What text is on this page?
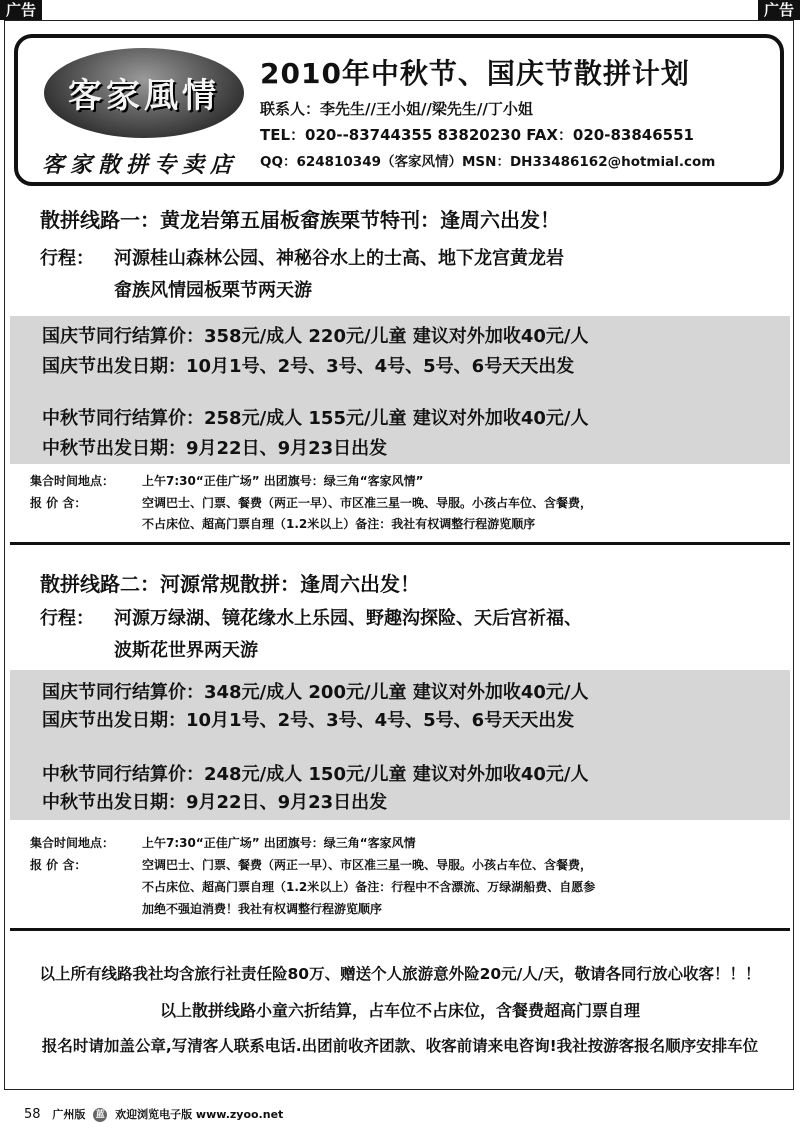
广告	广告
客家風情
客家散拼专卖店
2010年中秋节、国庆节散拼计划
联系人：李先生//王小姐//梁先生//丁小姐
TEL：020--83744355 83820230 FAX：020-83846551
QQ：624810349（客家风情）MSN：DH33486162@hotmial.com
散拼线路一：黄龙岩第五届板畲族栗节特刊：逢周六出发！
行程： 河源桂山森林公园、神秘谷水上的士高、地下龙宫黄龙岩
畲族风情园板栗节两天游
国庆节同行结算价：358元/成人 220元/儿童 建议对外加收40元/人
国庆节出发日期：10月1号、2号、3号、4号、5号、6号天天出发
中秋节同行结算价：258元/成人 155元/儿童 建议对外加收40元/人
中秋节出发日期：9月22日、9月23日出发
集合时间地点： 上午7:30“正佳广场” 出团旗号：绿三角“客家风情”
报 价 含：	空调巴士、门票、餐费（两正一早）、市区准三星一晚、导服。小孩占车位、含餐费，
不占床位、超高门票自理（1.2米以上）备注：我社有权调整行程游览顺序
散拼线路二：河源常规散拼：逢周六出发！
行程： 河源万绿湖、镜花缘水上乐园、野趣沟探险、天后宫祈福、
波斯花世界两天游
国庆节同行结算价：348元/成人 200元/儿童 建议对外加收40元/人
国庆节出发日期：10月1号、2号、3号、4号、5号、6号天天出发
中秋节同行结算价：248元/成人 150元/儿童 建议对外加收40元/人
中秋节出发日期：9月22日、9月23日出发
集合时间地点： 上午7:30“正佳广场” 出团旗号：绿三角“客家风情
报 价 含：	空调巴士、门票、餐费（两正一早）、市区准三星一晚、导服。小孩占车位、含餐费，
不占床位、超高门票自理（1.2米以上）备注：行程中不含漂流、万绿湖船费、自愿参
加绝不强迫消费！我社有权调整行程游览顺序
以上所有线路我社均含旅行社责任险80万、赠送个人旅游意外险20元/人/天，敬请各同行放心收客！！！
以上散拼线路小童六折结算，占车位不占床位，含餐费超高门票自理
报名时请加盖公章,写清客人联系电话.出团前收齐团款、收客前请来电咨询!我社按游客报名顺序安排车位
58 广州版 蓝 欢迎浏览电子版 www.zyoo.net
